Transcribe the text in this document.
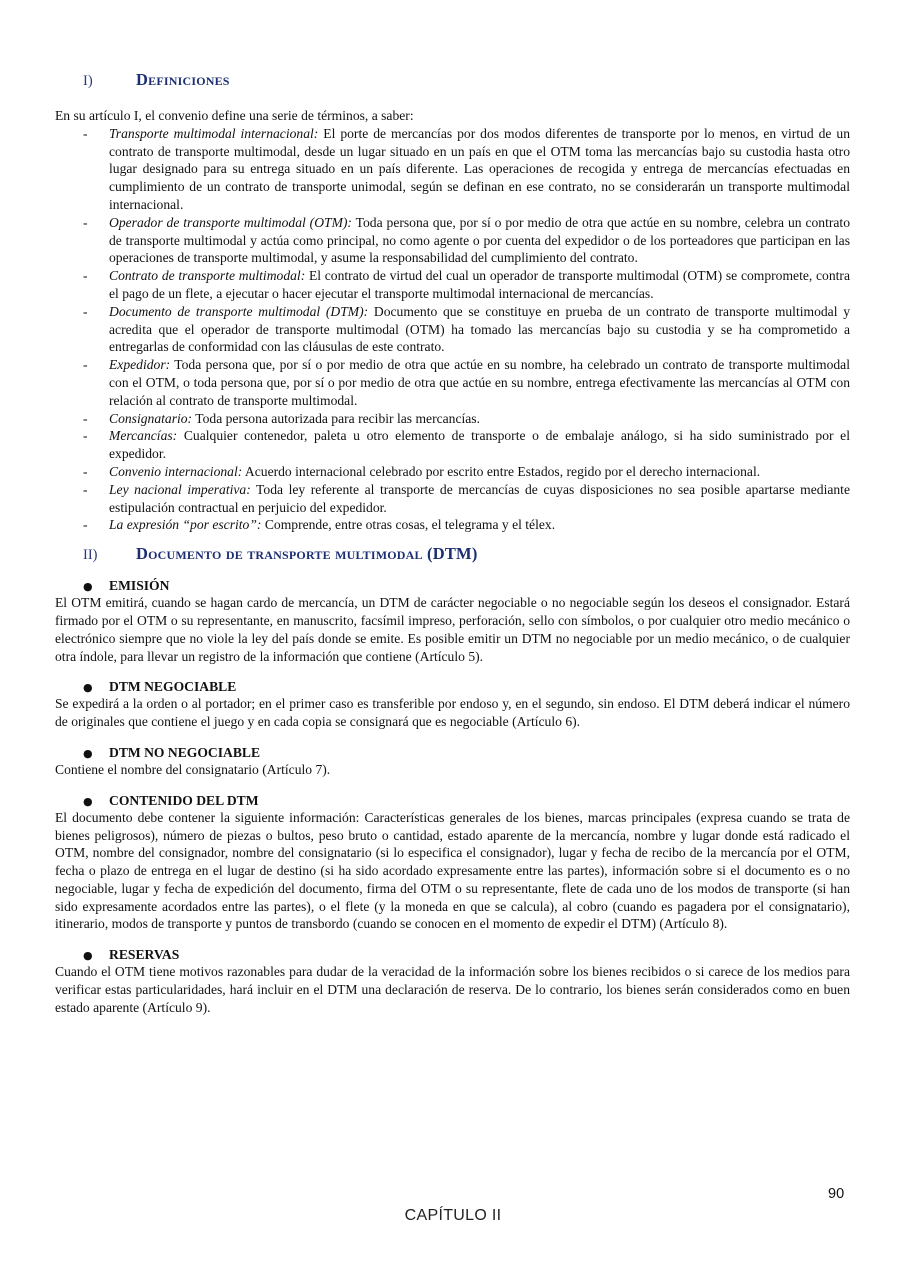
I)	Definiciones

En su artículo I, el convenio define una serie de términos, a saber:

- Transporte multimodal internacional: El porte de mercancías por dos modos diferentes de transporte por lo menos, en virtud de un contrato de transporte multimodal, desde un lugar situado en un país en que el OTM toma las mercancías bajo su custodia hasta otro lugar designado para su entrega situado en un país diferente. Las operaciones de recogida y entrega de mercancías efectuadas en cumplimiento de un contrato de transporte unimodal, según se definan en ese contrato, no se considerarán un transporte multimodal internacional.
- Operador de transporte multimodal (OTM): Toda persona que, por sí o por medio de otra que actúe en su nombre, celebra un contrato de transporte multimodal y actúa como principal, no como agente o por cuenta del expedidor o de los porteadores que participan en las operaciones de transporte multimodal, y asume la responsabilidad del cumplimiento del contrato.
- Contrato de transporte multimodal: El contrato de virtud del cual un operador de transporte multimodal (OTM) se compromete, contra el pago de un flete, a ejecutar o hacer ejecutar el transporte multimodal internacional de mercancías.
- Documento de transporte multimodal (DTM): Documento que se constituye en prueba de un contrato de transporte multimodal y acredita que el operador de transporte multimodal (OTM) ha tomado las mercancías bajo su custodia y se ha comprometido a entregarlas de conformidad con las cláusulas de este contrato.
- Expedidor: Toda persona que, por sí o por medio de otra que actúe en su nombre, ha celebrado un contrato de transporte multimodal con el OTM, o toda persona que, por sí o por medio de otra que actúe en su nombre, entrega efectivamente las mercancías al OTM con relación al contrato de transporte multimodal.
- Consignatario: Toda persona autorizada para recibir las mercancías.
- Mercancías: Cualquier contenedor, paleta u otro elemento de transporte o de embalaje análogo, si ha sido suministrado por el expedidor.
- Convenio internacional: Acuerdo internacional celebrado por escrito entre Estados, regido por el derecho internacional.
- Ley nacional imperativa: Toda ley referente al transporte de mercancías de cuyas disposiciones no sea posible apartarse mediante estipulación contractual en perjuicio del expedidor.
- La expresión “por escrito”: Comprende, entre otras cosas, el telegrama y el télex.
II)	Documento de transporte multimodal (DTM)
●	EMISIÓN

El OTM emitirá, cuando se hagan cardo de mercancía, un DTM de carácter negociable o no negociable según los deseos el consignador. Estará firmado por el OTM o su representante, en manuscrito, facsímil impreso, perforación, sello con símbolos, o por cualquier otro medio mecánico o electrónico siempre que no viole la ley del país donde se emite. Es posible emitir un DTM no negociable por un medio mecánico, o de cualquier otra índole, para llevar un registro de la información que contiene (Artículo 5).

●	DTM NEGOCIABLE

Se expedirá a la orden o al portador; en el primer caso es transferible por endoso y, en el segundo, sin endoso. El DTM deberá indicar el número de originales que contiene el juego y en cada copia se consignará que es negociable (Artículo 6).

●	DTM NO NEGOCIABLE

Contiene el nombre del consignatario (Artículo 7).

●	CONTENIDO DEL DTM

El documento debe contener la siguiente información: Características generales de los bienes, marcas principales (expresa cuando se trata de bienes peligrosos), número de piezas o bultos, peso bruto o cantidad, estado aparente de la mercancía, nombre y lugar donde está radicado el OTM, nombre del consignador, nombre del consignatario (si lo especifica el consignador), lugar y fecha de recibo de la mercancía por el OTM, fecha o plazo de entrega en el lugar de destino (si ha sido acordado expresamente entre las partes), información sobre si el documento es o no negociable, lugar y fecha de expedición del documento, firma del OTM o su representante, flete de cada uno de los modos de transporte (si han sido expresamente acordados entre las partes), o el flete (y la moneda en que se calcula), al cobro (cuando es pagadera por el consignatario), itinerario, modos de transporte y puntos de transbordo (cuando se conocen en el momento de expedir el DTM) (Artículo 8).

●	RESERVAS

Cuando el OTM tiene motivos razonables para dudar de la veracidad de la información sobre los bienes recibidos o si carece de los medios para verificar estas particularidades, hará incluir en el DTM una declaración de reserva. De lo contrario, los bienes serán considerados como en buen estado aparente (Artículo 9).

90
CAPÍTULO II
